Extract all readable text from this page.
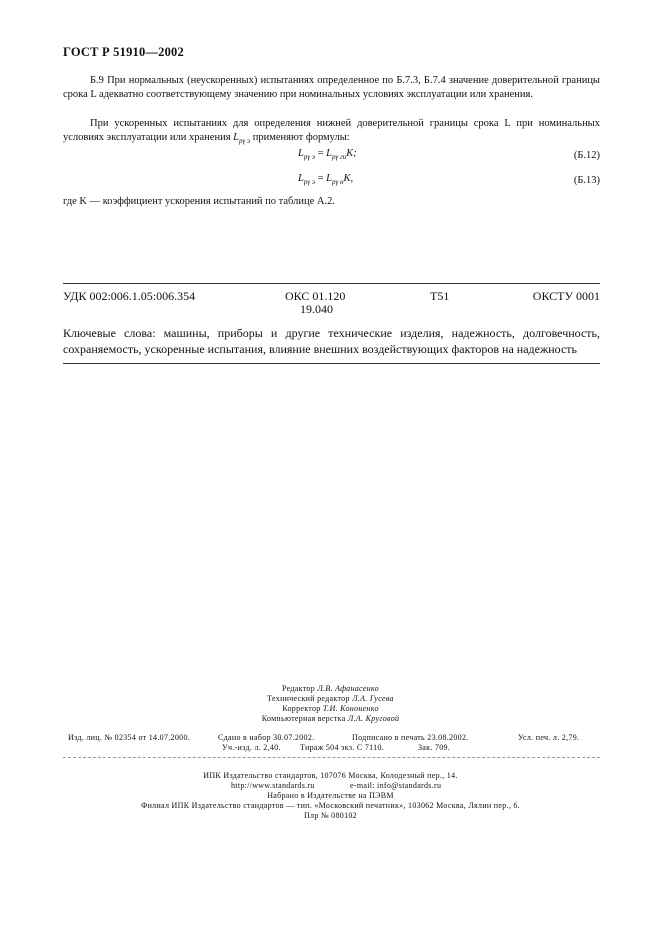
ГОСТ Р 51910—2002
Б.9 При нормальных (неускоренных) испытаниях определенное по Б.7.3, Б.7.4 значение доверительной границы срока L адекватно соответствующему значению при номинальных условиях эксплуатации или хранения.
При ускоренных испытаниях для определения нижней доверительной границы срока L при номинальных условиях эксплуатации или хранения $L_{p\gamma э}$ применяют формулы:
$L_{p\gamma э} = L_{p\gamma ги}K$;	(Б.12)
$L_{p\gamma э} = L_{p\gamma н}K$,	(Б.13)
где K — коэффициент ускорения испытаний по таблице А.2.
УДК 002:006.1.05:006.354	ОКС 01.120
19.040
Т51	ОКСТУ 0001
Ключевые слова: машины, приборы и другие технические изделия, надежность, долговечность, сохраняемость, ускоренные испытания, влияние внешних воздействующих факторов на надежность
Редактор Л.В. Афанасенко
Технический редактор Л.А. Гусева
Корректор Т.И. Кононенко
Компьютерная верстка Л.А. Круговой
Изд. лиц. № 02354 от 14.07.2000.	Сдано в набор 30.07.2002.	Подписано в печать 23.08.2002.	Усл. печ. л. 2,79.
Уч.-изд. л. 2,40. Тираж 504 экз. С 7110.	Зак. 709.
ИПК Издательство стандартов, 107076 Москва, Колодезный пер., 14.
http://www.standards.ru	e-mail: info@standards.ru
Набрано в Издательстве на ПЭВМ
Филиал ИПК Издательство стандартов — тип. «Московский печатник», 103062 Москва, Лялин пер., 6.
Плр № 080102
